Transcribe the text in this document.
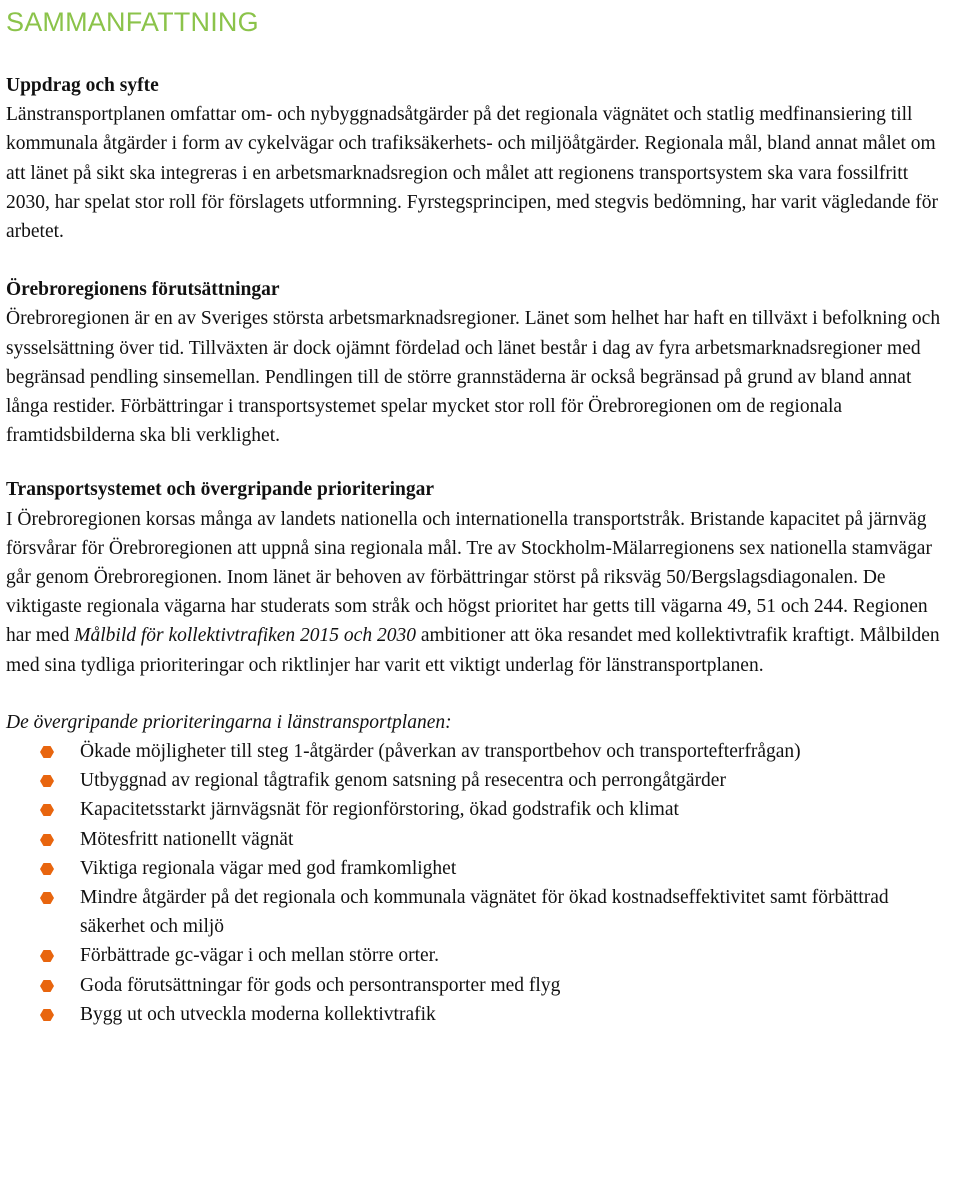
SAMMANFATTNING

Uppdrag och syfte

Länstransportplanen omfattar om- och nybyggnadsåtgärder på det regionala vägnätet och statlig medfinansiering till kommunala åtgärder i form av cykelvägar och trafiksäkerhets- och miljöåtgärder. Regionala mål, bland annat målet om att länet på sikt ska integreras i en arbetsmarknadsregion och målet att regionens transportsystem ska vara fossilfritt 2030, har spelat stor roll för förslagets utformning. Fyrstegsprincipen, med stegvis bedömning, har varit vägledande för arbetet.

Örebroregionens förutsättningar

Örebroregionen är en av Sveriges största arbetsmarknadsregioner. Länet som helhet har haft en tillväxt i befolkning och sysselsättning över tid. Tillväxten är dock ojämnt fördelad och länet består i dag av fyra arbetsmarknadsregioner med begränsad pendling sinsemellan. Pendlingen till de större grannstäderna är också begränsad på grund av bland annat långa restider. Förbättringar i transportsystemet spelar mycket stor roll för Örebroregionen om de regionala framtidsbilderna ska bli verklighet.

Transportsystemet och övergripande prioriteringar

I Örebroregionen korsas många av landets nationella och internationella transportstråk. Bristande kapacitet på järnväg försvårar för Örebroregionen att uppnå sina regionala mål. Tre av Stockholm-Mälarregionens sex nationella stamvägar går genom Örebroregionen. Inom länet är behoven av förbättringar störst på riksväg 50/Bergslagsdiagonalen. De viktigaste regionala vägarna har studerats som stråk och högst prioritet har getts till vägarna 49, 51 och 244. Regionen har med Målbild för kollektivtrafiken 2015 och 2030 ambitioner att öka resandet med kollektivtrafik kraftigt. Målbilden med sina tydliga prioriteringar och riktlinjer har varit ett viktigt underlag för länstransportplanen.

De övergripande prioriteringarna i länstransportplanen:

Ökade möjligheter till steg 1-åtgärder (påverkan av transportbehov och transportefterfrågan)
Utbyggnad av regional tågtrafik genom satsning på resecentra och perrongåtgärder
Kapacitetsstarkt järnvägsnät för regionförstoring, ökad godstrafik och klimat
Mötesfritt nationellt vägnät
Viktiga regionala vägar med god framkomlighet
Mindre åtgärder på det regionala och kommunala vägnätet för ökad kostnadseffektivitet samt förbättrad säkerhet och miljö
Förbättrade gc-vägar i och mellan större orter.
Goda förutsättningar för gods och persontransporter med flyg
Bygg ut och utveckla moderna kollektivtrafik
